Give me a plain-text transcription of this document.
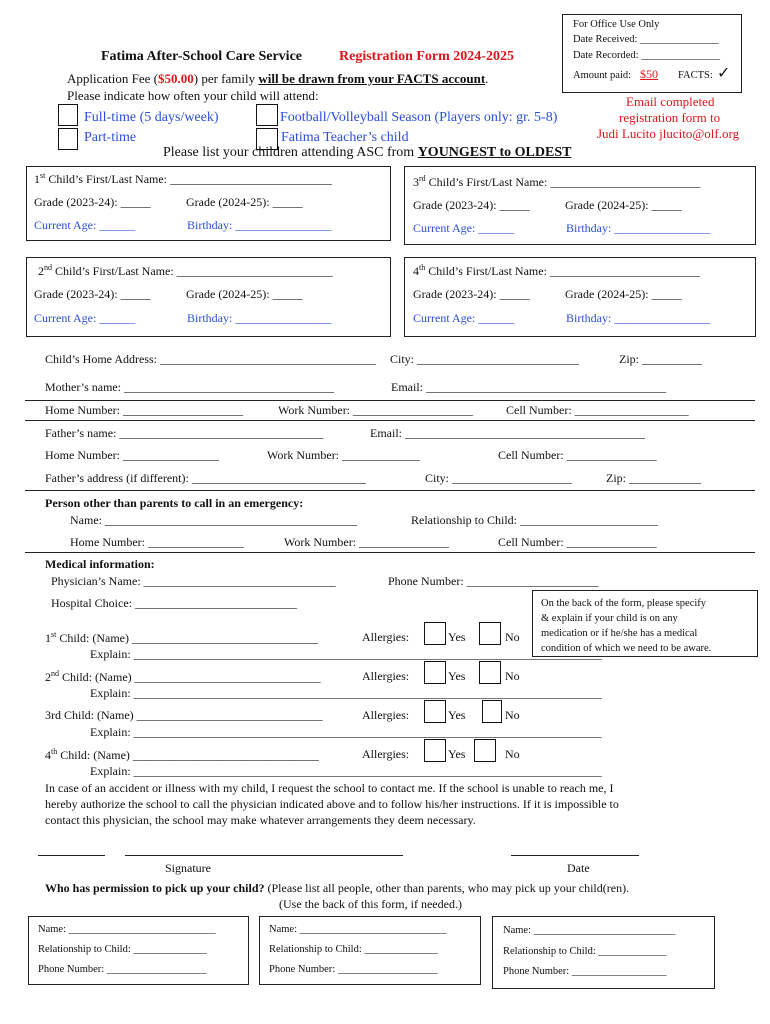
For Office Use Only
Date Received: _______________
Date Recorded: _______________
Amount paid: $50 FACTS: ✓
Fatima After-School Care Service	Registration Form 2024-2025
Application Fee ($50.00) per family will be drawn from your FACTS account.
Please indicate how often your child will attend:	Email completed
registration form to
Judi Lucito jlucito@olf.org
Full-time (5 days/week)
Part-time
Football/Volleyball Season (Players only: gr. 5-8)
Fatima Teacher’s child
Please list your children attending ASC from YOUNGEST to OLDEST
1st Child’s First/Last Name: ___________________________
Grade (2023-24): _____	Grade (2024-25): _____
Current Age: ______	Birthday: ________________
3rd Child’s First/Last Name: _________________________
Grade (2023-24): _____	Grade (2024-25): _____
Current Age: ______	Birthday: ________________
2nd Child’s First/Last Name: __________________________
Grade (2023-24): _____	Grade (2024-25): _____
Current Age: ______	Birthday: ________________
4th Child’s First/Last Name: _________________________
Grade (2023-24): _____	Grade (2024-25): _____
Current Age: ______	Birthday: ________________
Child’s Home Address: ____________________________________ City: ___________________________	Zip: __________
Mother’s name: ___________________________________	Email: ________________________________________
Home Number: ____________________	Work Number: ____________________	Cell Number: ___________________
Father’s name: __________________________________	Email: ________________________________________
Home Number: ________________	Work Number: _____________	Cell Number: _______________
Father’s address (if different): _____________________________	City: ____________________	Zip: ____________
Person other than parents to call in an emergency:
Name: __________________________________________	Relationship to Child: _______________________
Home Number: ________________	Work Number: _______________	Cell Number: _______________
Medical information:
Physician’s Name: ________________________________	Phone Number: ______________________
Hospital Choice: ___________________________	On the back of the form, please specify
& explain if your child is on any
medication or if he/she has a medical
condition of which we need to be aware.
1st Child: (Name) _______________________________	Allergies:	Yes	No
Explain: ______________________________________________________________________________
2nd Child: (Name) _______________________________	Allergies:	Yes	No
Explain: ______________________________________________________________________________
3rd Child: (Name) _______________________________	Allergies:	Yes	No
Explain: ______________________________________________________________________________
4th Child: (Name) _______________________________	Allergies:	Yes	No
Explain: ______________________________________________________________________________
In case of an accident or illness with my child, I request the school to contact me. If the school is unable to reach me, I
hereby authorize the school to call the physician indicated above and to follow his/her instructions. If it is impossible to
contact this physician, the school may make whatever arrangements they deem necessary.
Signature	Date
Who has permission to pick up your child? (Please list all people, other than parents, who may pick up your child(ren).
(Use the back of this form, if needed.)
Name: ____________________________
Relationship to Child: ______________
Phone Number: ___________________
Name: ____________________________
Relationship to Child: ______________
Phone Number: ___________________
Name: ___________________________
Relationship to Child: _____________
Phone Number: __________________
